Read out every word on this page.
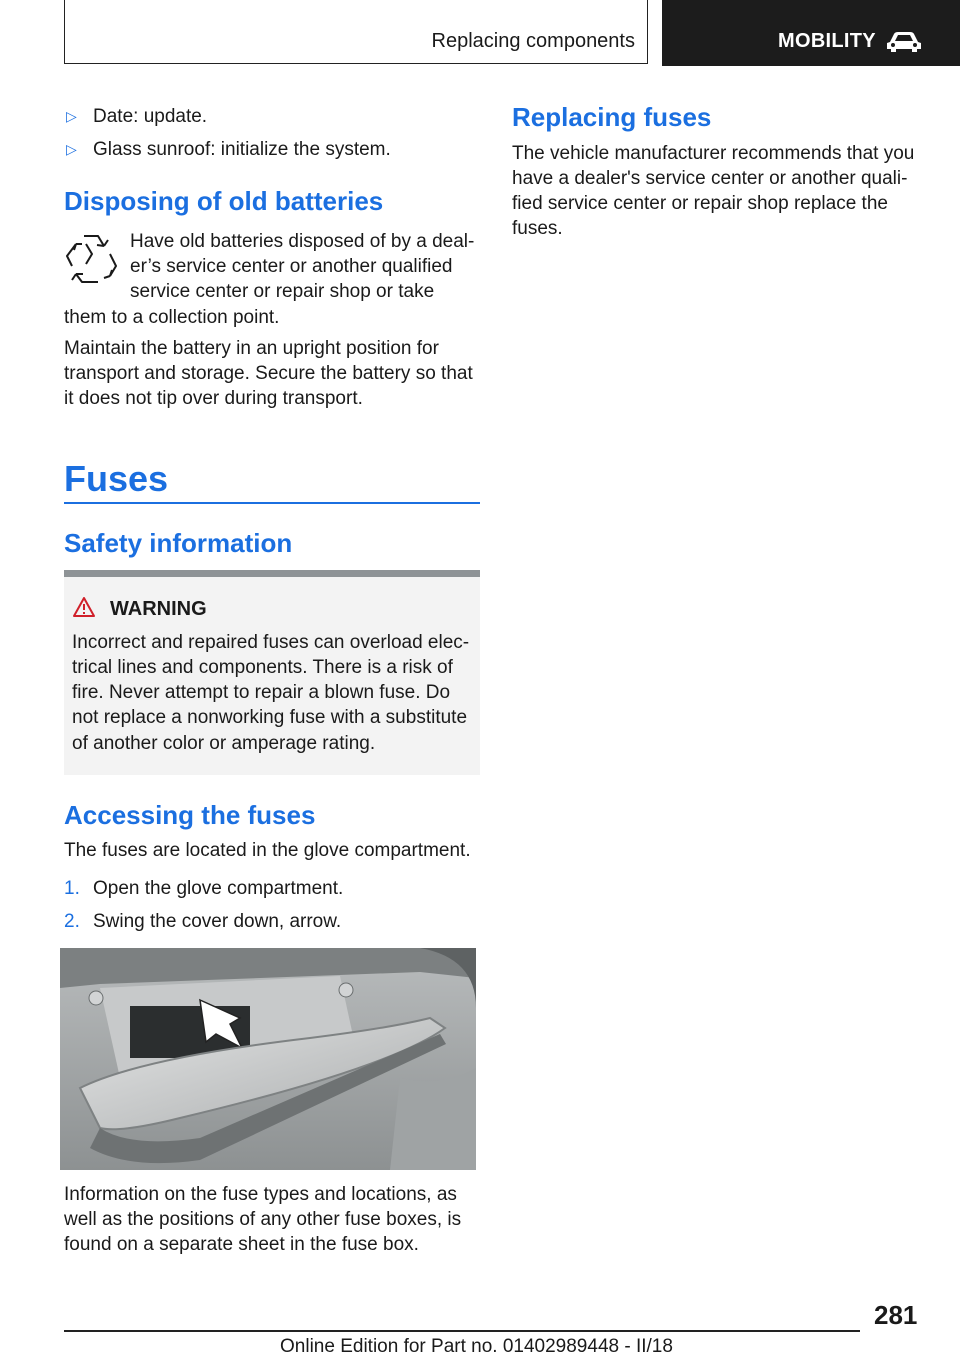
Replacing components	MOBILITY
▷ Date: update.
▷ Glass sunroof: initialize the system.
Disposing of old batteries
Have old batteries disposed of by a deal‐
er’s service center or another qualified
service center or repair shop or take
them to a collection point.
Maintain the battery in an upright position for
transport and storage. Secure the battery so that
it does not tip over during transport.
Fuses
Safety information
WARNING
Incorrect and repaired fuses can overload elec‐
trical lines and components. There is a risk of
fire. Never attempt to repair a blown fuse. Do
not replace a nonworking fuse with a substitute
of another color or amperage rating.
Accessing the fuses
The fuses are located in the glove compartment.
1. Open the glove compartment.
2. Swing the cover down, arrow.
Information on the fuse types and locations, as
well as the positions of any other fuse boxes, is
found on a separate sheet in the fuse box.
Replacing fuses
The vehicle manufacturer recommends that you
have a dealer's service center or another quali‐
fied service center or repair shop replace the
fuses.
281
Online Edition for Part no. 01402989448 - II/18
